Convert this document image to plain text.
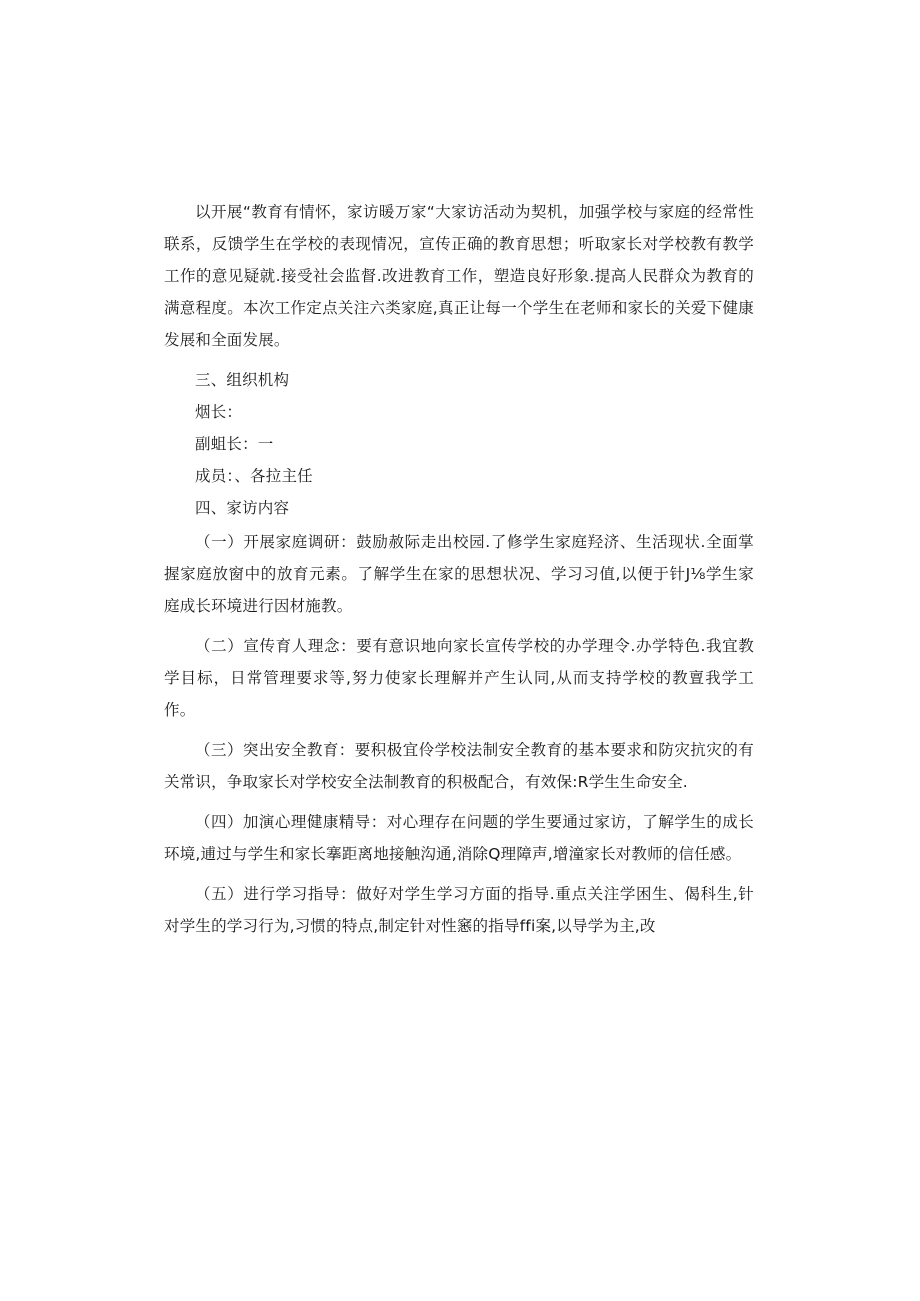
以开展“教育有情怀，家访暖万家“大家访活动为契机，加强学校与家庭的经常性联系，反馈学生在学校的表现情况，宣传正确的教育思想；听取家长对学校教有教学工作的意见疑就.接受社会监督.改进教育工作，塑造良好形象.提高人民群众为教育的满意程度。本次工作定点关注六类家庭,真正让每一个学生在老师和家长的关爱下健康发展和全面发展。

三、组织机构

烟长：

副蛆长：一

成员：、各拉主任

四、家访内容

（一）开展家庭调研：鼓励赦际走出校园.了修学生家庭羟济、生活现状.全面掌握家庭放窗中的放育元素。了解学生在家的思想状况、学习习值,以便于针J⅛学生家庭成长环境进行因材施教。

（二）宣传育人理念：要有意识地向家长宣传学校的办学理令.办学特色.我宜教学目标，日常管理要求等,努力使家长理解并产生认同,从而支持学校的教亶我学工作。

（三）突出安全教育：要积极宜伶学校法制安全教育的基本要求和防灾抗灾的有关常识，争取家长对学校安全法制教育的积极配合，有效保:R学生生命安全.

（四）加演心理健康精导：对心理存在问题的学生要通过家访，了解学生的成长环境,逋过与学生和家长搴距离地接触沟通,消除Q理障声,增潼家长对教师的信任感。

（五）进行学习指导：做好对学生学习方面的指导.重点关注学困生、偈科生,针对学生的学习行为,习惯的特点,制定针对性窸的指导ffi案,以导学为主,改
